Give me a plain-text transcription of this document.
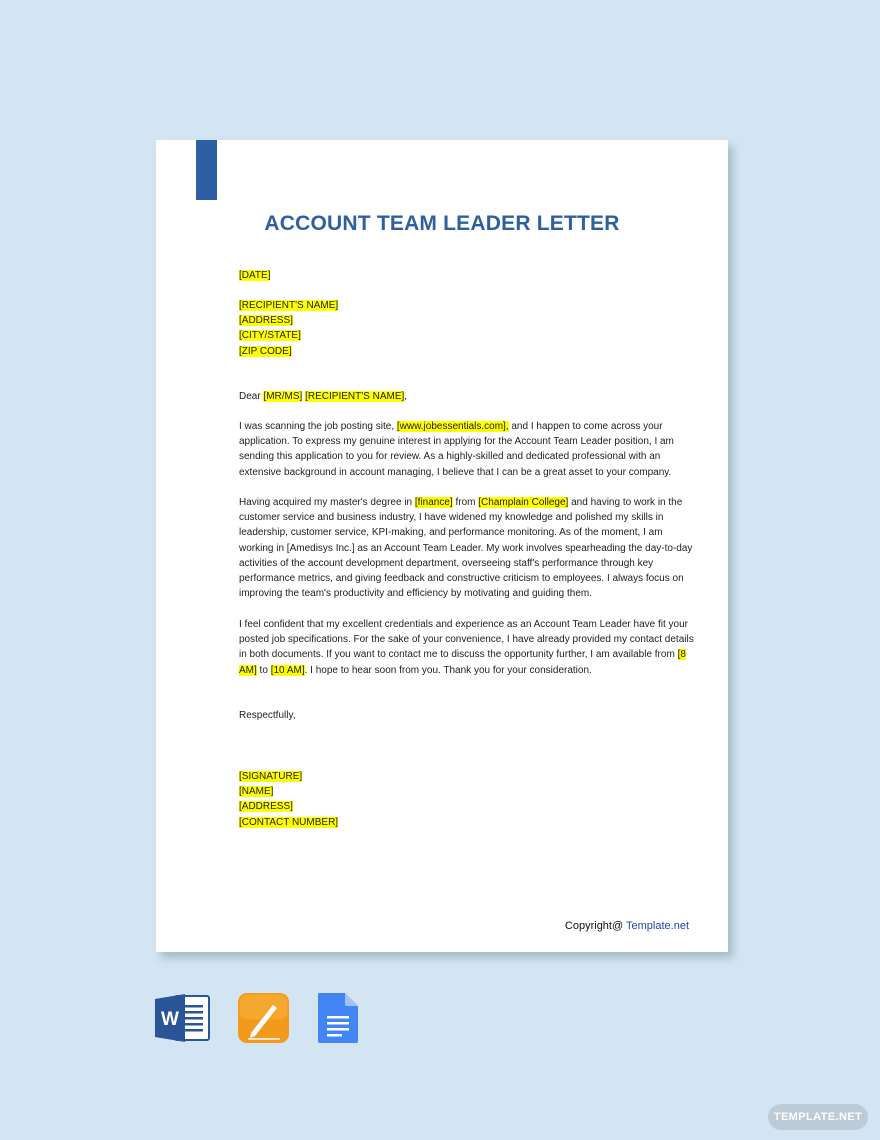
ACCOUNT TEAM LEADER LETTER
[DATE]
[RECIPIENT'S NAME]
[ADDRESS]
[CITY/STATE]
[ZIP CODE]
Dear [MR/MS] [RECIPIENT'S NAME],
I was scanning the job posting site, [www.jobessentials.com], and I happen to come across your application. To express my genuine interest in applying for the Account Team Leader position, I am sending this application to you for review. As a highly-skilled and dedicated professional with an extensive background in account managing, I believe that I can be a great asset to your company.
Having acquired my master's degree in [finance] from [Champlain College] and having to work in the customer service and business industry, I have widened my knowledge and polished my skills in leadership, customer service, KPI-making, and performance monitoring. As of the moment, I am working in [Amedisys Inc.] as an Account Team Leader. My work involves spearheading the day-to-day activities of the account development department, overseeing staff's performance through key performance metrics, and giving feedback and constructive criticism to employees. I always focus on improving the team's productivity and efficiency by motivating and guiding them.
I feel confident that my excellent credentials and experience as an Account Team Leader have fit your posted job specifications. For the sake of your convenience, I have already provided my contact details in both documents. If you want to contact me to discuss the opportunity further, I am available from [8 AM] to [10 AM]. I hope to hear soon from you. Thank you for your consideration.
Respectfully,
[SIGNATURE]
[NAME]
[ADDRESS]
[CONTACT NUMBER]
Copyright@ Template.net
W
TEMPLATE.NET
